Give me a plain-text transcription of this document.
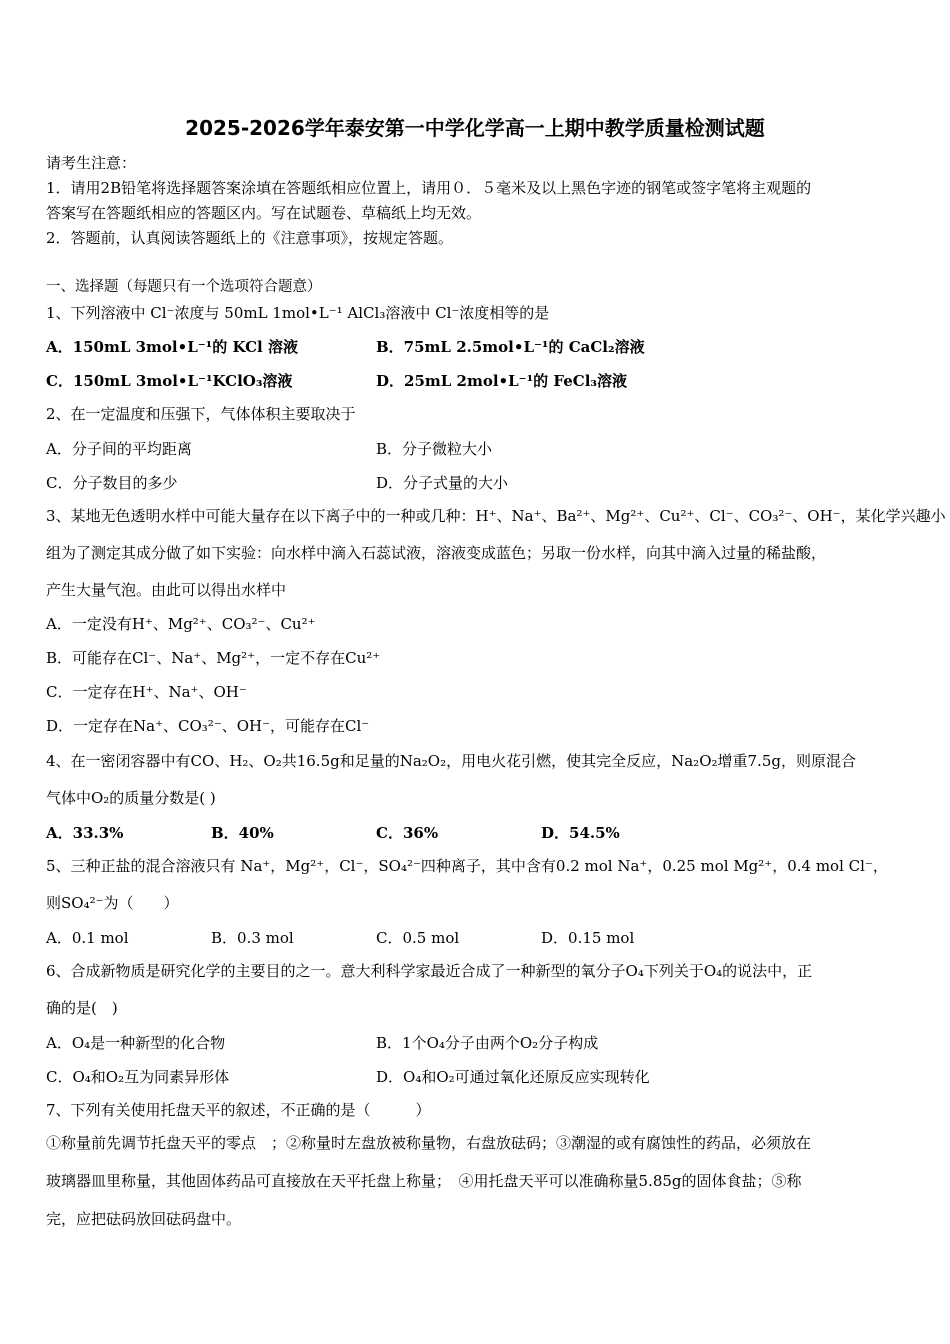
2025-2026学年泰安第一中学化学高一上期中教学质量检测试题
请考生注意：
1．请用2B铅笔将选择题答案涂填在答题纸相应位置上，请用０．５毫米及以上黑色字迹的钢笔或签字笔将主观题的
答案写在答题纸相应的答题区内。写在试题卷、草稿纸上均无效。
2．答题前，认真阅读答题纸上的《注意事项》，按规定答题。
一、选择题（每题只有一个选项符合题意）
1、下列溶液中 Cl⁻浓度与 50mL 1mol•L⁻¹ AlCl₃溶液中 Cl⁻浓度相等的是
A．150mL 3mol•L⁻¹的 KCl 溶液	B．75mL 2.5mol•L⁻¹的 CaCl₂溶液
C．150mL 3mol•L⁻¹KClO₃溶液	D．25mL 2mol•L⁻¹的 FeCl₃溶液
2、在一定温度和压强下，气体体积主要取决于
A．分子间的平均距离	B．分子微粒大小
C．分子数目的多少	D．分子式量的大小
3、某地无色透明水样中可能大量存在以下离子中的一种或几种：H⁺、Na⁺、Ba²⁺、Mg²⁺、Cu²⁺、Cl⁻、CO₃²⁻、OH⁻，某化学兴趣小
组为了测定其成分做了如下实验：向水样中滴入石蕊试液，溶液变成蓝色；另取一份水样，向其中滴入过量的稀盐酸，
产生大量气泡。由此可以得出水样中
A．一定没有H⁺、Mg²⁺、CO₃²⁻、Cu²⁺
B．可能存在Cl⁻、Na⁺、Mg²⁺，一定不存在Cu²⁺
C．一定存在H⁺、Na⁺、OH⁻
D．一定存在Na⁺、CO₃²⁻、OH⁻，可能存在Cl⁻
4、在一密闭容器中有CO、H₂、O₂共16.5g和足量的Na₂O₂，用电火花引燃，使其完全反应，Na₂O₂增重7.5g，则原混合
气体中O₂的质量分数是( )
A．33.3%	B．40%	C．36%	D．54.5%
5、三种正盐的混合溶液只有 Na⁺，Mg²⁺，Cl⁻，SO₄²⁻四种离子，其中含有0.2 mol Na⁺，0.25 mol Mg²⁺，0.4 mol Cl⁻，
则SO₄²⁻为（　　）
A．0.1 mol	B．0.3 mol	C．0.5 mol	D．0.15 mol
6、合成新物质是研究化学的主要目的之一。意大利科学家最近合成了一种新型的氧分子O₄下列关于O₄的说法中，正
确的是(　)
A．O₄是一种新型的化合物	B．1个O₄分子由两个O₂分子构成
C．O₄和O₂互为同素异形体	D．O₄和O₂可通过氧化还原反应实现转化
7、下列有关使用托盘天平的叙述，不正确的是（　　　）
①称量前先调节托盘天平的零点　；②称量时左盘放被称量物，右盘放砝码；③潮湿的或有腐蚀性的药品，必须放在
玻璃器皿里称量，其他固体药品可直接放在天平托盘上称量；　④用托盘天平可以准确称量5.85g的固体食盐；⑤称
完，应把砝码放回砝码盘中。
